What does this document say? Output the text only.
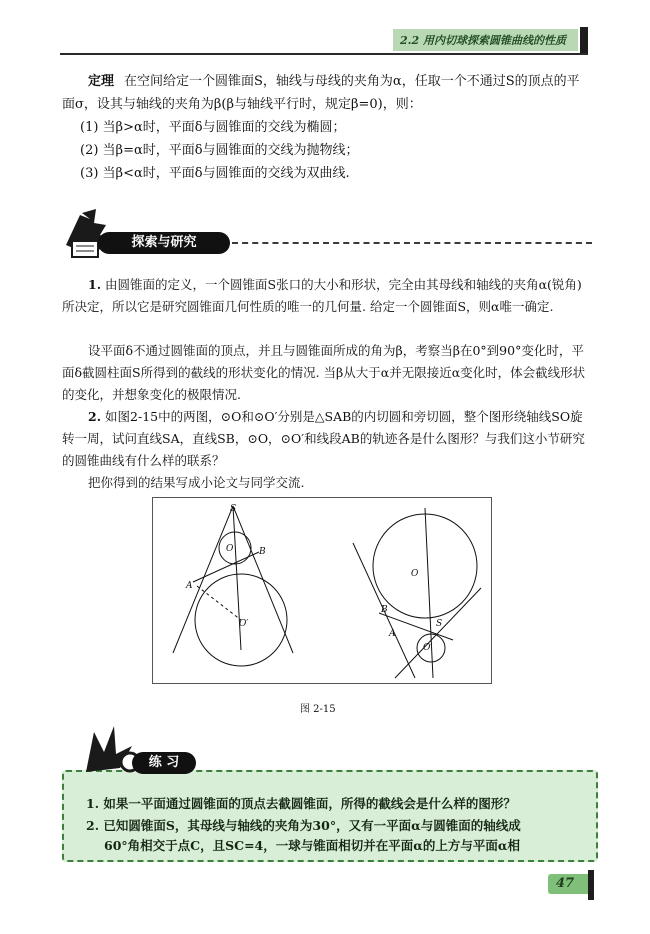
2.2 用内切球探索圆锥曲线的性质

定理 在空间给定一个圆锥面S，轴线与母线的夹角为α，任取一个不通过S的顶点的平面σ，设其与轴线的夹角为β(β与轴线平行时，规定β=0)，则：

(1) 当β>α时，平面δ与圆锥面的交线为椭圆；

(2) 当β=α时，平面δ与圆锥面的交线为抛物线；

(3) 当β<α时，平面δ与圆锥面的交线为双曲线.

探索与研究

1. 由圆锥面的定义，一个圆锥面S张口的大小和形状，完全由其母线和轴线的夹角α(锐角)所决定，所以它是研究圆锥面几何性质的唯一的几何量. 给定一个圆锥面S，则α唯一确定.

设平面δ不通过圆锥面的顶点，并且与圆锥面所成的角为β，考察当β在0°到90°变化时，平面δ截圆柱面S所得到的截线的形状变化的情况. 当β从大于α并无限接近α变化时，体会截线形状的变化，并想象变化的极限情况.

2. 如图2-15中的两图，⊙O和⊙O′分别是△SAB的内切圆和旁切圆，整个图形绕轴线SO旋转一周，试问直线SA，直线SB，⊙O，⊙O′和线段AB的轨迹各是什么图形？与我们这小节研究的圆锥曲线有什么样的联系？

把你得到的结果写成小论文与同学交流.

S
O	B
A
O′
O
B
A
S
O′
图 2-15
练 习

1. 如果一平面通过圆锥面的顶点去截圆锥面，所得的截线会是什么样的图形？

2. 已知圆锥面S，其母线与轴线的夹角为30°，又有一平面α与圆锥面的轴线成

60°角相交于点C，且SC=4，一球与锥面相切并在平面α的上方与平面α相

47
